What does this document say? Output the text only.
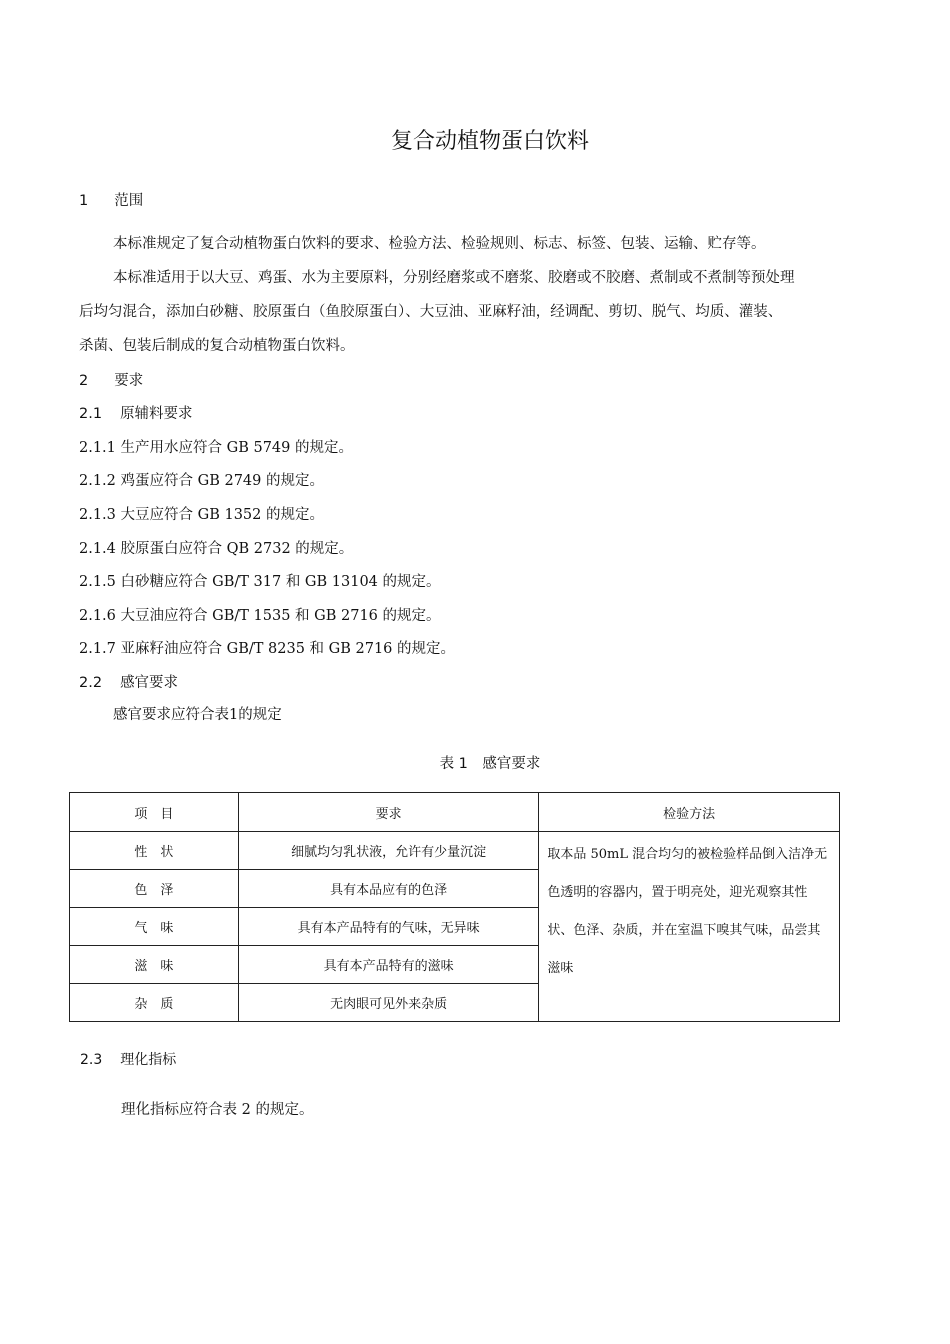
复合动植物蛋白饮料
1 范围
本标准规定了复合动植物蛋白饮料的要求、检验方法、检验规则、标志、标签、包装、运输、贮存等。
本标准适用于以大豆、鸡蛋、水为主要原料，分别经磨浆或不磨浆、胶磨或不胶磨、煮制或不煮制等预处理
后均匀混合，添加白砂糖、胶原蛋白（鱼胶原蛋白）、大豆油、亚麻籽油，经调配、剪切、脱气、均质、灌装、
杀菌、包装后制成的复合动植物蛋白饮料。
2 要求
2.1 原辅料要求
2.1.1 生产用水应符合 GB 5749 的规定。
2.1.2 鸡蛋应符合 GB 2749 的规定。
2.1.3 大豆应符合 GB 1352 的规定。
2.1.4 胶原蛋白应符合 QB 2732 的规定。
2.1.5 白砂糖应符合 GB/T 317 和 GB 13104 的规定。
2.1.6 大豆油应符合 GB/T 1535 和 GB 2716 的规定。
2.1.7 亚麻籽油应符合 GB/T 8235 和 GB 2716 的规定。
2.2 感官要求
感官要求应符合表1的规定
表 1　感官要求
项　目	要求	检验方法
性　状	细腻均匀乳状液，允许有少量沉淀	取本品 50mL 混合均匀的被检验样品倒入洁净无色透明的容器内，置于明亮处，迎光观察其性状、色泽、杂质，并在室温下嗅其气味，品尝其滋味
色　泽	具有本品应有的色泽	
气　味	具有本产品特有的气味，无异味	
滋　味	具有本产品特有的滋味	
杂　质	无肉眼可见外来杂质	
2.3 理化指标
理化指标应符合表 2 的规定。
